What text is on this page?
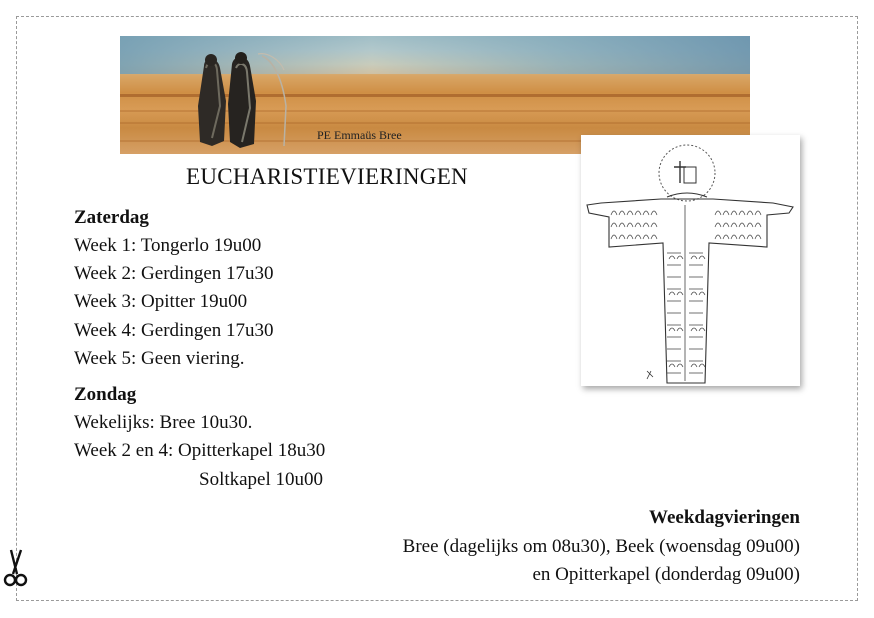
PE Emmaüs Bree
EUCHARISTIEVIERINGEN
Zaterdag
Week 1: Tongerlo 19u00
Week 2: Gerdingen 17u30
Week 3: Opitter 19u00
Week 4: Gerdingen 17u30
Week 5: Geen viering.
Zondag
Wekelijks: Bree 10u30.
Week 2 en 4: Opitterkapel 18u30
Soltkapel 10u00
Weekdagvieringen
Bree (dagelijks om 08u30), Beek (woensdag 09u00)
en Opitterkapel (donderdag 09u00)
